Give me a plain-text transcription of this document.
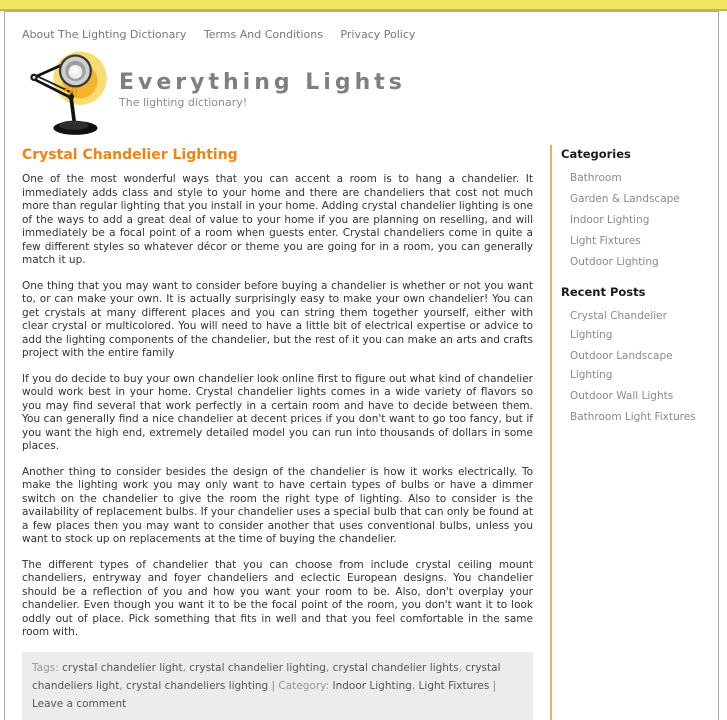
About The Lighting Dictionary Terms And Conditions Privacy Policy
Everything Lights
The lighting dictionary!
Crystal Chandelier Lighting

One of the most wonderful ways that you can accent a room is to hang a chandelier. It immediately adds class and style to your home and there are chandeliers that cost not much more than regular lighting that you install in your home. Adding crystal chandelier lighting is one of the ways to add a great deal of value to your home if you are planning on reselling, and will immediately be a focal point of a room when guests enter. Crystal chandeliers come in quite a few different styles so whatever décor or theme you are going for in a room, you can generally match it up.

One thing that you may want to consider before buying a chandelier is whether or not you want to, or can make your own. It is actually surprisingly easy to make your own chandelier! You can get crystals at many different places and you can string them together yourself, either with clear crystal or multicolored. You will need to have a little bit of electrical expertise or advice to add the lighting components of the chandelier, but the rest of it you can make an arts and crafts project with the entire family

If you do decide to buy your own chandelier look online first to figure out what kind of chandelier would work best in your home. Crystal chandelier lights comes in a wide variety of flavors so you may find several that work perfectly in a certain room and have to decide between them. You can generally find a nice chandelier at decent prices if you don't want to go too fancy, but if you want the high end, extremely detailed model you can run into thousands of dollars in some places.

Another thing to consider besides the design of the chandelier is how it works electrically. To make the lighting work you may only want to have certain types of bulbs or have a dimmer switch on the chandelier to give the room the right type of lighting. Also to consider is the availability of replacement bulbs. If your chandelier uses a special bulb that can only be found at a few places then you may want to consider another that uses conventional bulbs, unless you want to stock up on replacements at the time of buying the chandelier.

The different types of chandelier that you can choose from include crystal ceiling mount chandeliers, entryway and foyer chandeliers and eclectic European designs. You chandelier should be a reflection of you and how you want your room to be. Also, don't overplay your chandelier. Even though you want it to be the focal point of the room, you don't want it to look oddly out of place. Pick something that fits in well and that you feel comfortable in the same room with.

Tags: crystal chandelier light, crystal chandelier lighting, crystal chandelier lights, crystal chandeliers light, crystal chandeliers lighting | Category: Indoor Lighting, Light Fixtures | Leave a comment
Categories
Bathroom
Garden & Landscape
Indoor Lighting
Light Fixtures
Outdoor Lighting
Recent Posts
Crystal Chandelier Lighting
Outdoor Landscape Lighting
Outdoor Wall Lights
Bathroom Light Fixtures
